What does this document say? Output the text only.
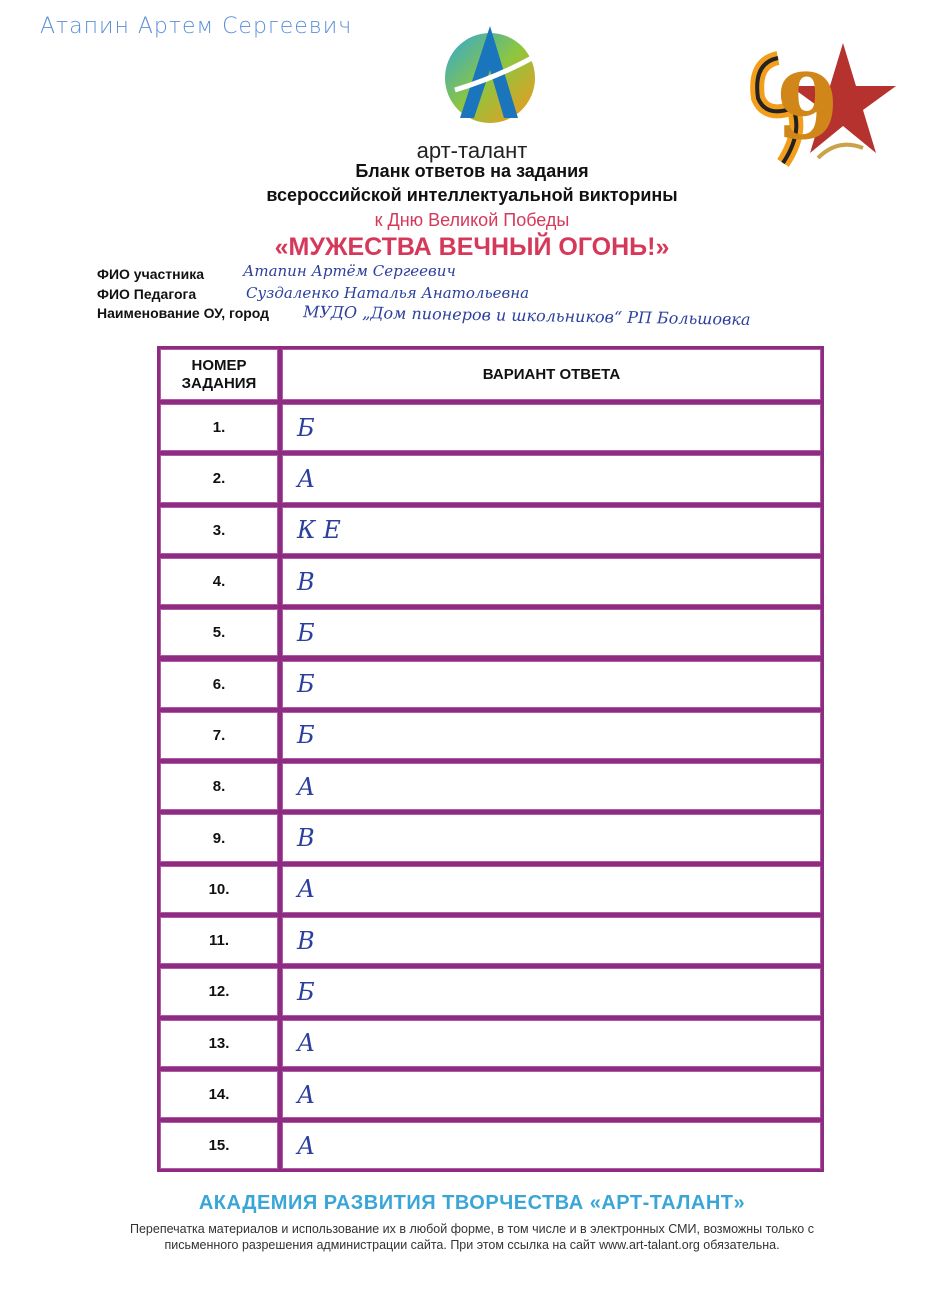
Атапин Артем Сергеевич
9
арт-талант
Бланк ответов на задания
всероссийской интеллектуальной викторины
к Дню Великой Победы
«МУЖЕСТВА ВЕЧНЫЙ ОГОНЬ!»
ФИО участника	Атапин Артём Сергеевич
ФИО Педагога	Суздаленко Наталья Анатольевна
Наименование ОУ, город МУДО „Дом пионеров и школьников“ РП Большовка
НОМЕР ЗАДАНИЯ
ВАРИАНТ ОТВЕТА
1.	Б
2.	А
3.	К Е
4.	В
5.	Б
6.	Б
7.	Б
8.	А
9.	В
10.	А
11.	В
12.	Б
13.	А
14.	А
15.	А
АКАДЕМИЯ РАЗВИТИЯ ТВОРЧЕСТВА «АРТ-ТАЛАНТ»
Перепечатка материалов и использование их в любой форме, в том числе и в электронных СМИ, возможны только с письменного разрешения администрации сайта. При этом ссылка на сайт www.art-talant.org обязательна.
